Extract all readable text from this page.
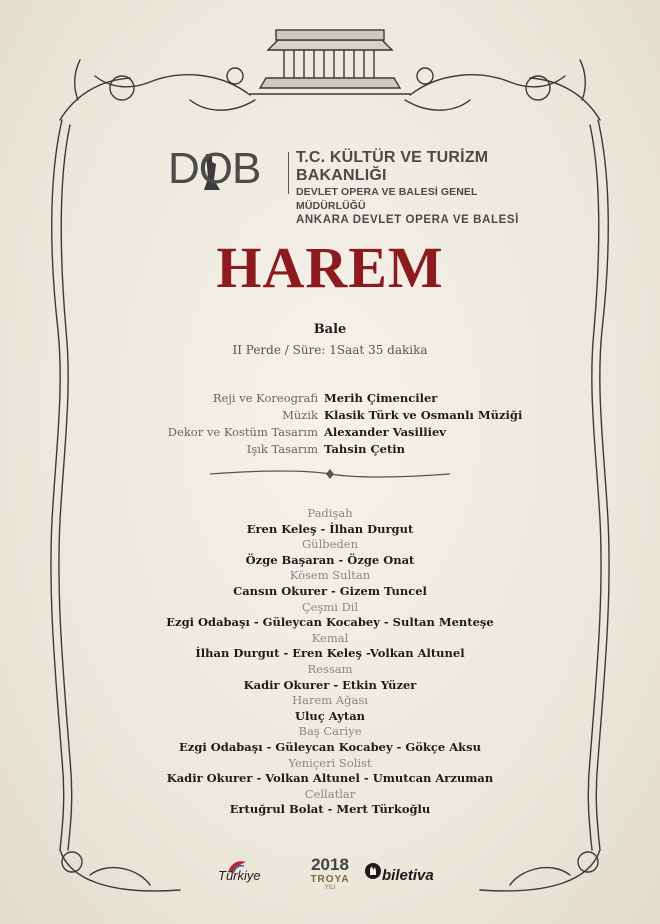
DOB T.C. KÜLTÜR VE TURİZM BAKANLIĞI
DEVLET OPERA VE BALESİ GENEL MÜDÜRLÜĞÜ
ANKARA DEVLET OPERA VE BALESİ
HAREM
Bale
II Perde / Süre: 1Saat 35 dakika
Reji ve Koreografi Merih Çimenciler
Müzik Klasik Türk ve Osmanlı Müziği
Dekor ve Kostüm Tasarım Alexander Vasilliev
Işık Tasarım Tahsin Çetin
Padişah
Eren Keleş - İlhan Durgut
Gülbeden
Özge Başaran - Özge Onat
Kösem Sultan
Cansın Okurer - Gizem Tuncel
Çeşmi Dil
Ezgi Odabaşı - Güleycan Kocabey - Sultan Menteşe
Kemal
İlhan Durgut - Eren Keleş -Volkan Altunel
Ressam
Kadir Okurer - Etkin Yüzer
Harem Ağası
Uluç Aytan
Baş Cariye
Ezgi Odabaşı - Güleycan Kocabey - Gökçe Aksu
Yeniçeri Solist
Kadir Okurer - Volkan Altunel - Umutcan Arzuman
Cellatlar
Ertuğrul Bolat - Mert Türkoğlu
Türkiye
2018
TROYA
YILI
biletiva
